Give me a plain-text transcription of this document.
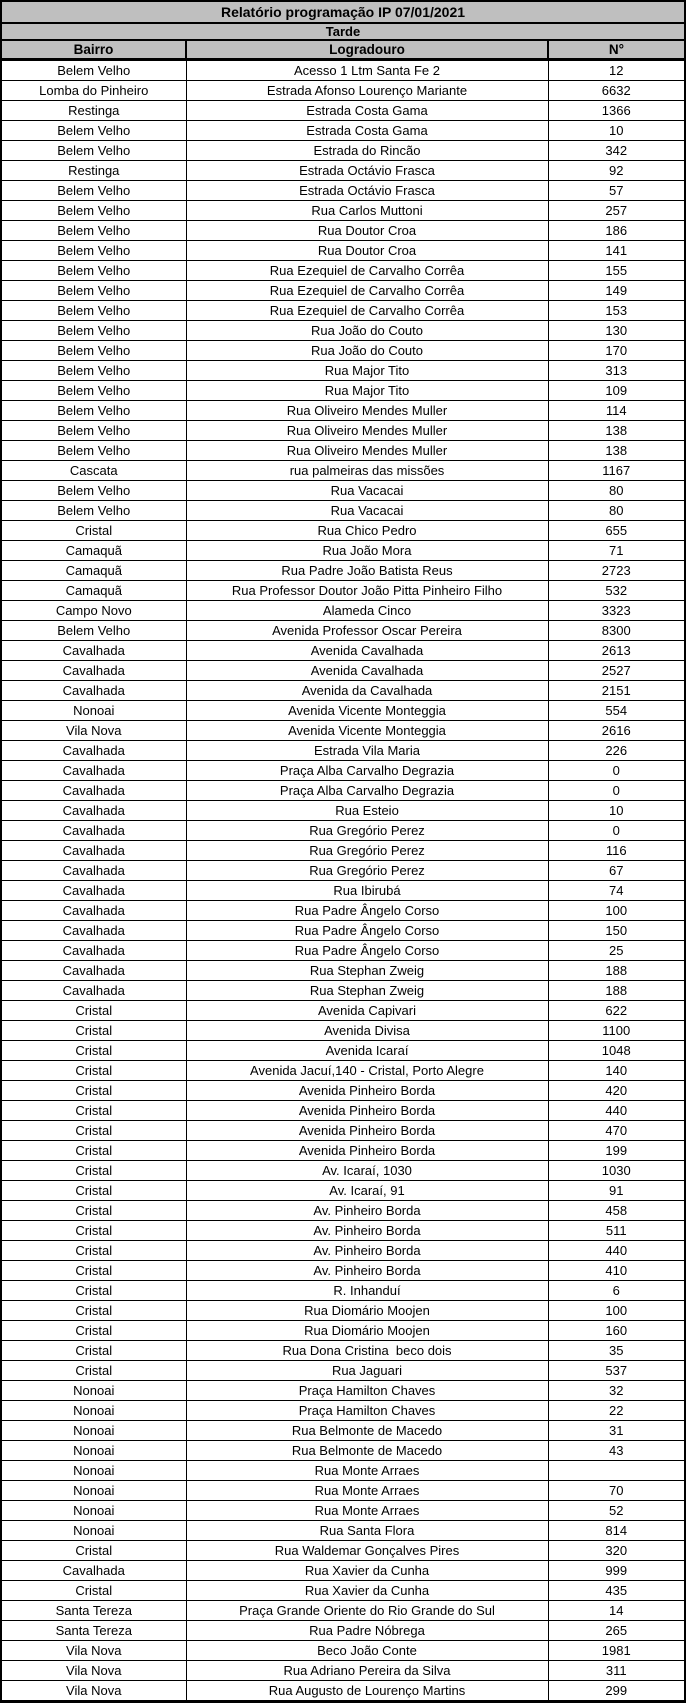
Relatório programação IP 07/01/2021		
Tarde		
Bairro	Logradouro	N°
Belem Velho	Acesso 1 Ltm Santa Fe 2	12
Lomba do Pinheiro	Estrada Afonso Lourenço Mariante	6632
Restinga	Estrada Costa Gama	1366
Belem Velho	Estrada Costa Gama	10
Belem Velho	Estrada do Rincão	342
Restinga	Estrada Octávio Frasca	92
Belem Velho	Estrada Octávio Frasca	57
Belem Velho	Rua Carlos Muttoni	257
Belem Velho	Rua Doutor Croa	186
Belem Velho	Rua Doutor Croa	141
Belem Velho	Rua Ezequiel de Carvalho Corrêa	155
Belem Velho	Rua Ezequiel de Carvalho Corrêa	149
Belem Velho	Rua Ezequiel de Carvalho Corrêa	153
Belem Velho	Rua João do Couto	130
Belem Velho	Rua João do Couto	170
Belem Velho	Rua Major Tito	313
Belem Velho	Rua Major Tito	109
Belem Velho	Rua Oliveiro Mendes Muller	114
Belem Velho	Rua Oliveiro Mendes Muller	138
Belem Velho	Rua Oliveiro Mendes Muller	138
Cascata	rua palmeiras das missões	1167
Belem Velho	Rua Vacacai	80
Belem Velho	Rua Vacacai	80
Cristal	Rua Chico Pedro	655
Camaquã	Rua João Mora	71
Camaquã	Rua Padre João Batista Reus	2723
Camaquã	Rua Professor Doutor João Pitta Pinheiro Filho	532
Campo Novo	Alameda Cinco	3323
Belem Velho	Avenida Professor Oscar Pereira	8300
Cavalhada	Avenida Cavalhada	2613
Cavalhada	Avenida Cavalhada	2527
Cavalhada	Avenida da Cavalhada	2151
Nonoai	Avenida Vicente Monteggia	554
Vila Nova	Avenida Vicente Monteggia	2616
Cavalhada	Estrada Vila Maria	226
Cavalhada	Praça Alba Carvalho Degrazia	0
Cavalhada	Praça Alba Carvalho Degrazia	0
Cavalhada	Rua Esteio	10
Cavalhada	Rua Gregório Perez	0
Cavalhada	Rua Gregório Perez	116
Cavalhada	Rua Gregório Perez	67
Cavalhada	Rua Ibirubá	74
Cavalhada	Rua Padre Ângelo Corso	100
Cavalhada	Rua Padre Ângelo Corso	150
Cavalhada	Rua Padre Ângelo Corso	25
Cavalhada	Rua Stephan Zweig	188
Cavalhada	Rua Stephan Zweig	188
Cristal	Avenida Capivari	622
Cristal	Avenida Divisa	1100
Cristal	Avenida Icaraí	1048
Cristal	Avenida Jacuí,140 - Cristal, Porto Alegre	140
Cristal	Avenida Pinheiro Borda	420
Cristal	Avenida Pinheiro Borda	440
Cristal	Avenida Pinheiro Borda	470
Cristal	Avenida Pinheiro Borda	199
Cristal	Av. Icaraí, 1030	1030
Cristal	Av. Icaraí, 91	91
Cristal	Av. Pinheiro Borda	458
Cristal	Av. Pinheiro Borda	511
Cristal	Av. Pinheiro Borda	440
Cristal	Av. Pinheiro Borda	410
Cristal	R. Inhanduí	6
Cristal	Rua Diomário Moojen	100
Cristal	Rua Diomário Moojen	160
Cristal	Rua Dona Cristina  beco dois	35
Cristal	Rua Jaguari	537
Nonoai	Praça Hamilton Chaves	32
Nonoai	Praça Hamilton Chaves	22
Nonoai	Rua Belmonte de Macedo	31
Nonoai	Rua Belmonte de Macedo	43
Nonoai	Rua Monte Arraes	
Nonoai	Rua Monte Arraes	70
Nonoai	Rua Monte Arraes	52
Nonoai	Rua Santa Flora	814
Cristal	Rua Waldemar Gonçalves Pires	320
Cavalhada	Rua Xavier da Cunha	999
Cristal	Rua Xavier da Cunha	435
Santa Tereza	Praça Grande Oriente do Rio Grande do Sul	14
Santa Tereza	Rua Padre Nóbrega	265
Vila Nova	Beco João Conte	1981
Vila Nova	Rua Adriano Pereira da Silva	311
Vila Nova	Rua Augusto de Lourenço Martins	299
